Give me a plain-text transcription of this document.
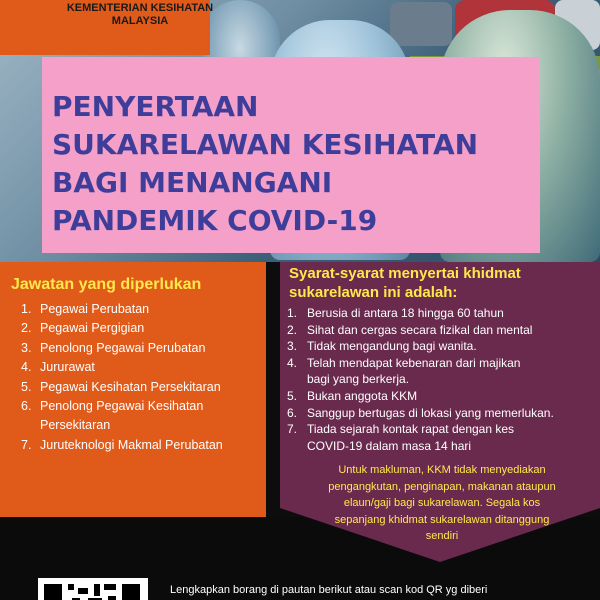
KEMENTERIAN KESIHATAN
MALAYSIA
PENYERTAAN
SUKARELAWAN KESIHATAN
BAGI MENANGANI
PANDEMIK COVID-19
Jawatan yang diperlukan
1. Pegawai Perubatan
2. Pegawai Pergigian
3. Penolong Pegawai Perubatan
4. Jururawat
5. Pegawai Kesihatan Persekitaran
6. Penolong Pegawai Kesihatan
Persekitaran
7. Juruteknologi Makmal Perubatan
Syarat-syarat menyertai khidmat
sukarelawan ini adalah:
1. Berusia di antara 18 hingga 60 tahun
2. Sihat dan cergas secara fizikal dan mental
3. Tidak mengandung bagi wanita.
4. Telah mendapat kebenaran dari majikan
bagi yang berkerja.
5. Bukan anggota KKM
6. Sanggup bertugas di lokasi yang memerlukan.
7. Tiada sejarah kontak rapat dengan kes
COVID-19 dalam masa 14 hari
Untuk makluman, KKM tidak menyediakan
pengangkutan, penginapan, makanan ataupun
elaun/gaji bagi sukarelawan. Segala kos
sepanjang khidmat sukarelawan ditanggung
sendiri
Lengkapkan borang di pautan berikut atau scan kod QR yg diberi
